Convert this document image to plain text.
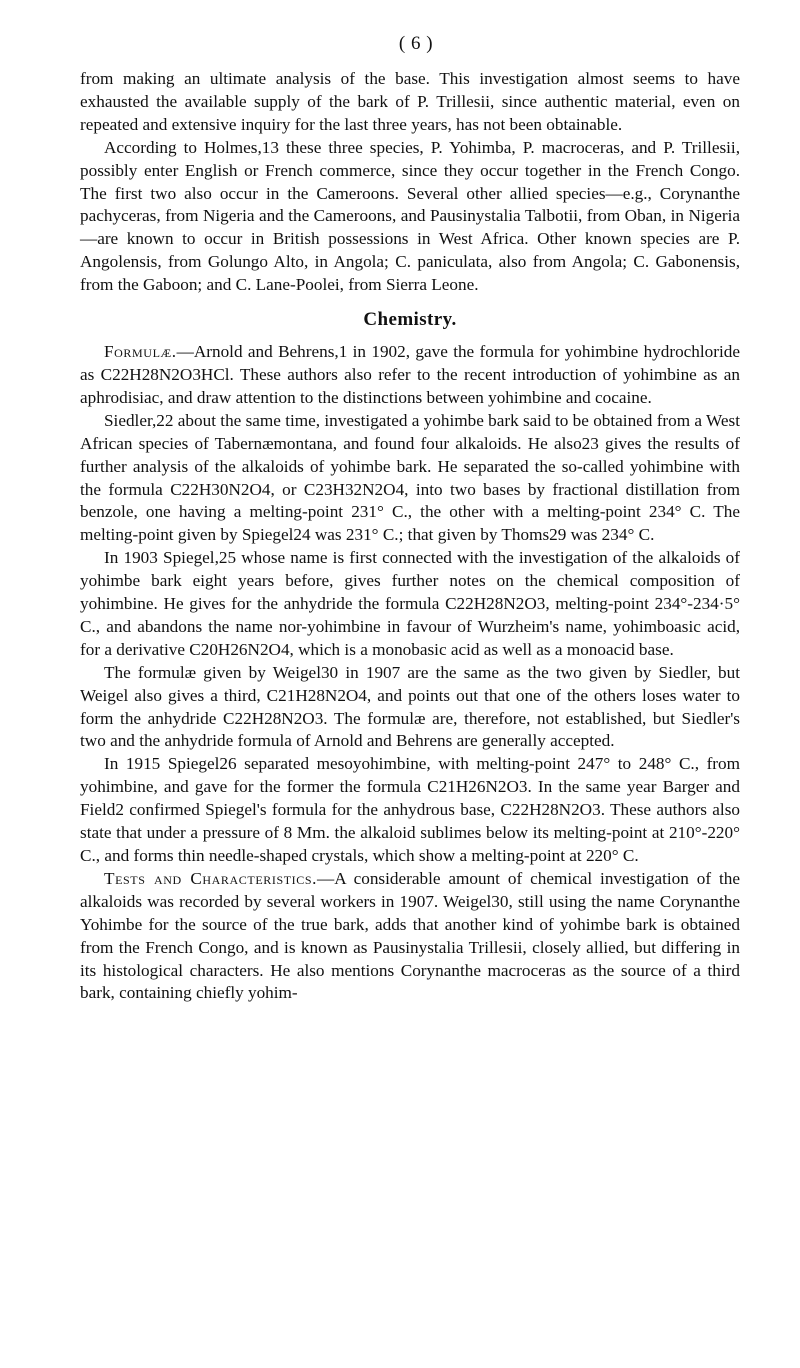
( 6 )

from making an ultimate analysis of the base. This investigation almost seems to have exhausted the available supply of the bark of P. Trillesii, since authentic material, even on repeated and extensive inquiry for the last three years, has not been obtainable.

According to Holmes,13 these three species, P. Yohimba, P. macroceras, and P. Trillesii, possibly enter English or French commerce, since they occur together in the French Congo. The first two also occur in the Cameroons. Several other allied species—e.g., Corynanthe pachyceras, from Nigeria and the Cameroons, and Pausinystalia Talbotii, from Oban, in Nigeria—are known to occur in British possessions in West Africa. Other known species are P. Angolensis, from Golungo Alto, in Angola; C. paniculata, also from Angola; C. Gabonensis, from the Gaboon; and C. Lane-Poolei, from Sierra Leone.

Chemistry.

Formulæ.—Arnold and Behrens,1 in 1902, gave the formula for yohimbine hydrochloride as C22H28N2O3HCl. These authors also refer to the recent introduction of yohimbine as an aphrodisiac, and draw attention to the distinctions between yohimbine and cocaine.

Siedler,22 about the same time, investigated a yohimbe bark said to be obtained from a West African species of Tabernæmontana, and found four alkaloids. He also23 gives the results of further analysis of the alkaloids of yohimbe bark. He separated the so-called yohimbine with the formula C22H30N2O4, or C23H32N2O4, into two bases by fractional distillation from benzole, one having a melting-point 231° C., the other with a melting-point 234° C. The melting-point given by Spiegel24 was 231° C.; that given by Thoms29 was 234° C.

In 1903 Spiegel,25 whose name is first connected with the investigation of the alkaloids of yohimbe bark eight years before, gives further notes on the chemical composition of yohimbine. He gives for the anhydride the formula C22H28N2O3, melting-point 234°-234·5° C., and abandons the name nor-yohimbine in favour of Wurzheim's name, yohimboasic acid, for a derivative C20H26N2O4, which is a monobasic acid as well as a monoacid base.

The formulæ given by Weigel30 in 1907 are the same as the two given by Siedler, but Weigel also gives a third, C21H28N2O4, and points out that one of the others loses water to form the anhydride C22H28N2O3. The formulæ are, therefore, not established, but Siedler's two and the anhydride formula of Arnold and Behrens are generally accepted.

In 1915 Spiegel26 separated mesoyohimbine, with melting-point 247° to 248° C., from yohimbine, and gave for the former the formula C21H26N2O3. In the same year Barger and Field2 confirmed Spiegel's formula for the anhydrous base, C22H28N2O3. These authors also state that under a pressure of 8 Mm. the alkaloid sublimes below its melting-point at 210°-220° C., and forms thin needle-shaped crystals, which show a melting-point at 220° C.

Tests and Characteristics.—A considerable amount of chemical investigation of the alkaloids was recorded by several workers in 1907. Weigel30, still using the name Corynanthe Yohimbe for the source of the true bark, adds that another kind of yohimbe bark is obtained from the French Congo, and is known as Pausinystalia Trillesii, closely allied, but differing in its histological characters. He also mentions Corynanthe macroceras as the source of a third bark, containing chiefly yohim-
